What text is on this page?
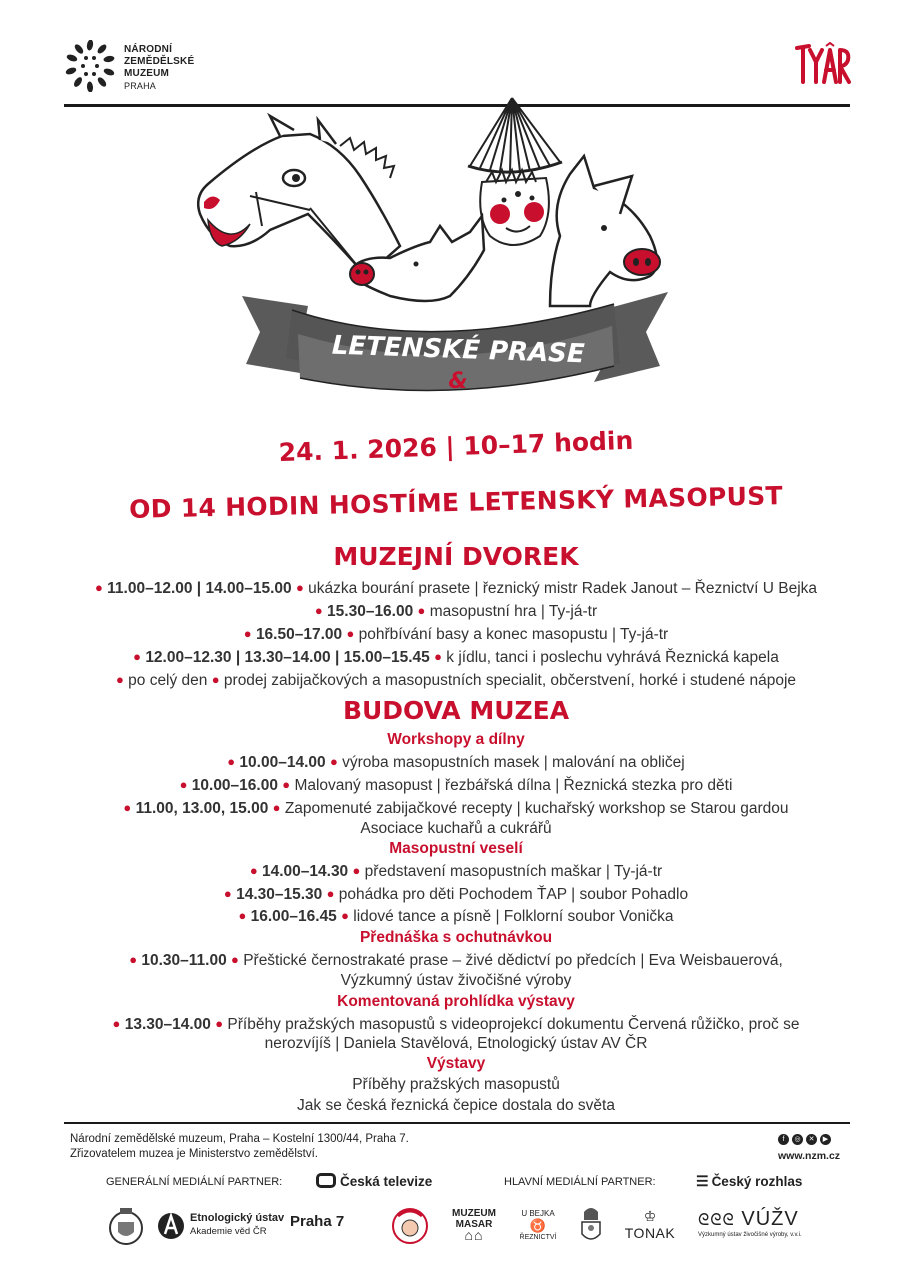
NÁRODNÍ
ZEMĚDĚLSKÉ
MUZEUM
PRAHA
LETENSKÉ PRASE
&
LETENSKÝ MASOPUST
24. 1. 2026 | 10–17 hodin
OD 14 HODIN HOSTÍME LETENSKÝ MASOPUST
MUZEJNÍ DVOREK
● 11.00–12.00 | 14.00–15.00 ● ukázka bourání prasete | řeznický mistr Radek Janout – Řeznictví U Bejka
● 15.30–16.00 ● masopustní hra | Ty-já-tr
● 16.50–17.00 ● pohřbívání basy a konec masopustu | Ty-já-tr
● 12.00–12.30 | 13.30–14.00 | 15.00–15.45 ● k jídlu, tanci i poslechu vyhrává Řeznická kapela
● po celý den ● prodej zabijačkových a masopustních specialit, občerstvení, horké i studené nápoje
BUDOVA MUZEA
Workshopy a dílny
● 10.00–14.00 ● výroba masopustních masek | malování na obličej
● 10.00–16.00 ● Malovaný masopust | řezbářská dílna | Řeznická stezka pro děti
● 11.00, 13.00, 15.00 ● Zapomenuté zabijačkové recepty | kuchařský workshop se Starou gardou
Asociace kuchařů a cukrářů
Masopustní veselí
● 14.00–14.30 ● představení masopustních maškar | Ty-já-tr
● 14.30–15.30 ● pohádka pro děti Pochodem ŤAP | soubor Pohadlo
● 16.00–16.45 ● lidové tance a písně | Folklorní soubor Vonička
Přednáška s ochutnávkou
● 10.30–11.00 ● Přeštické černostrakaté prase – živé dědictví po předcích | Eva Weisbauerová,
Výzkumný ústav živočišné výroby
Komentovaná prohlídka výstavy
● 13.30–14.00 ● Příběhy pražských masopustů s videoprojekcí dokumentu Červená růžičko, proč se
nerozvíjíš | Daniela Stavělová, Etnologický ústav AV ČR
Výstavy
Příběhy pražských masopustů
Jak se česká řeznická čepice dostala do světa
Národní zemědělské muzeum, Praha – Kostelní 1300/44, Praha 7.
Zřizovatelem muzea je Ministerstvo zemědělství.
f ◎ ✕ ▶
www.nzm.cz
GENERÁLNÍ MEDIÁLNÍ PARTNER:	Česká televize	HLAVNÍ MEDIÁLNÍ PARTNER:	☰ Český rozhlas
Etnologický ústav
Akademie věd ČR
Praha 7	MUZEUM MASAR
⌂⌂
U BEJKA
♉
ŘEZNICTVÍ
♔
TONAK
ᘓᘓᘓ VÚŽV
Výzkumný ústav živočišné výroby, v.v.i.
